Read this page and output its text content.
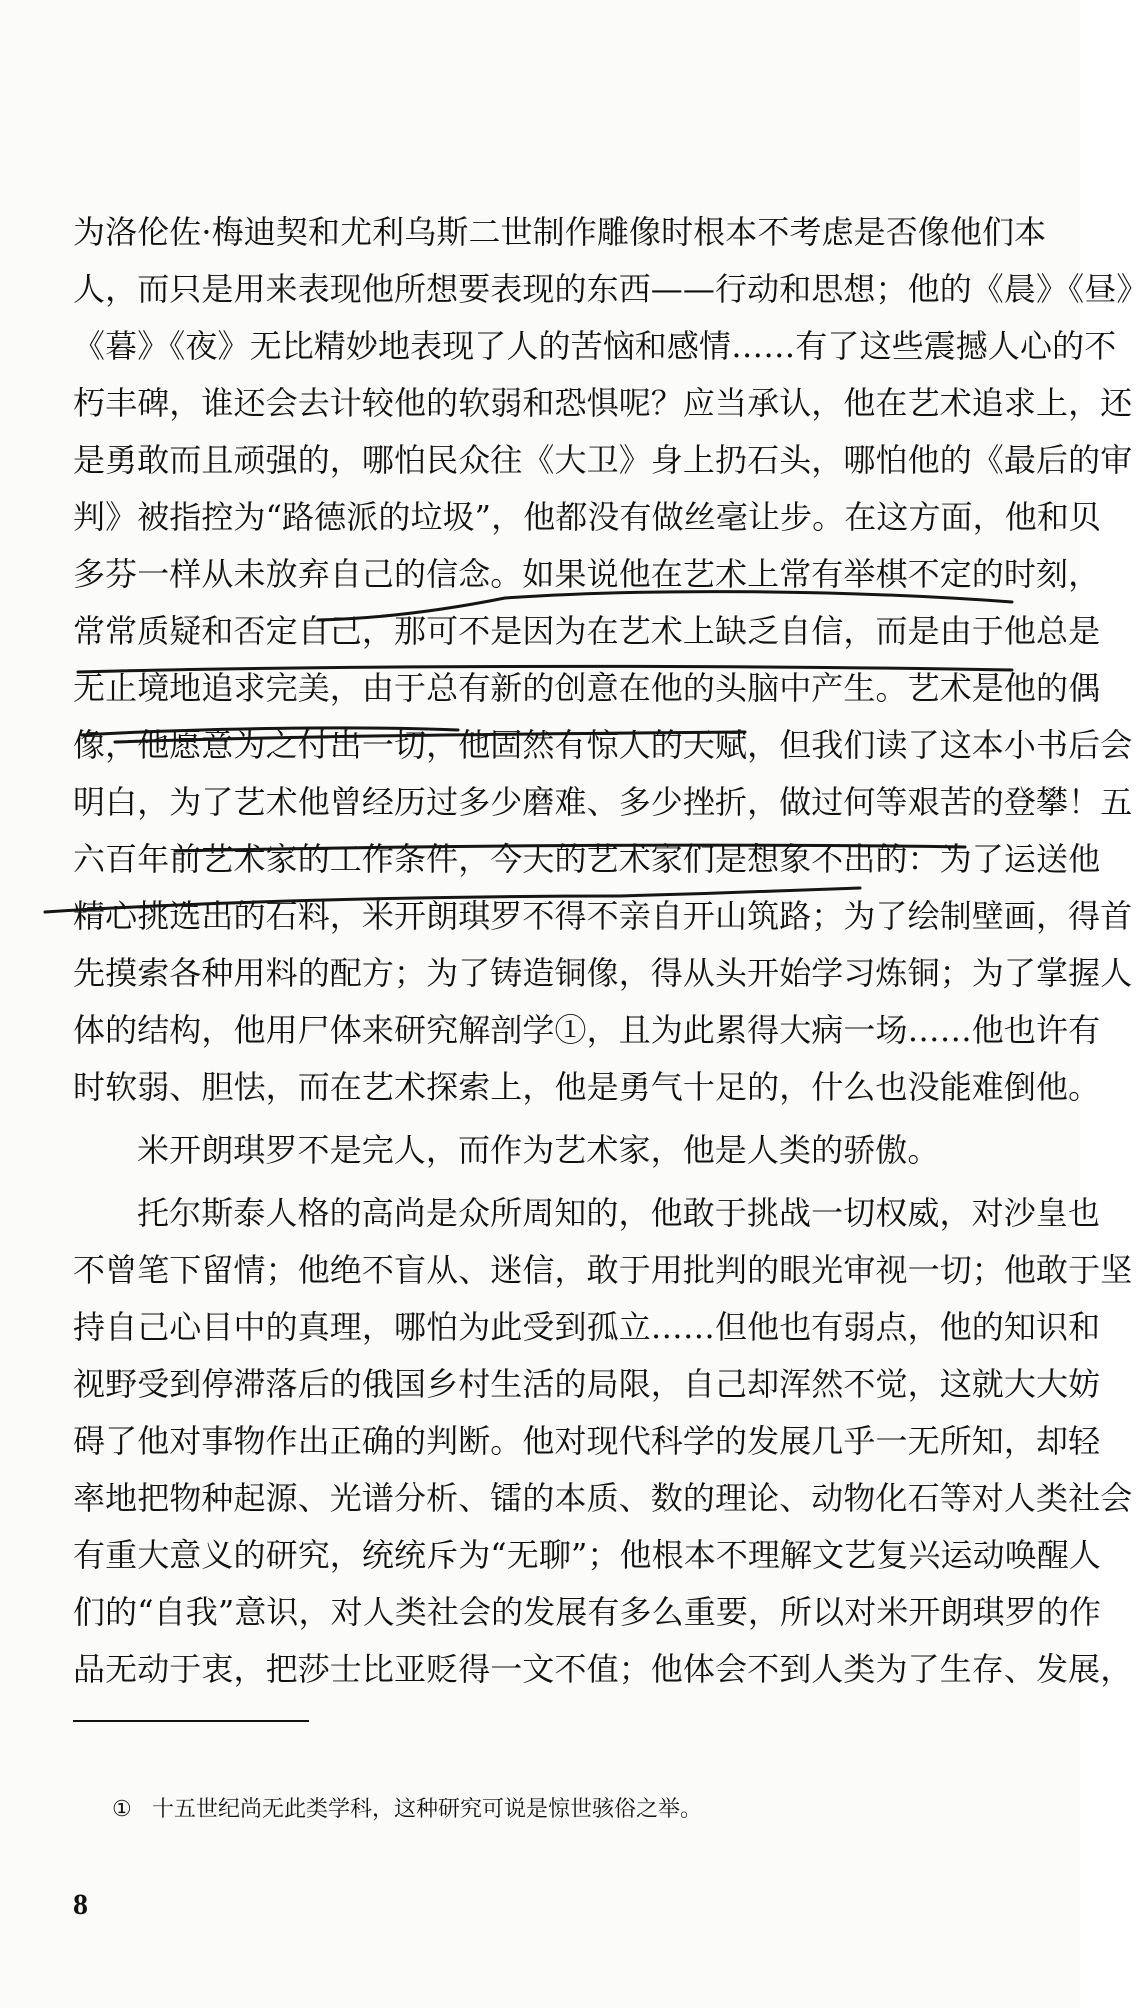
为洛伦佐·梅迪契和尤利乌斯二世制作雕像时根本不考虑是否像他们本
人，而只是用来表现他所想要表现的东西——行动和思想；他的《晨》《昼》
《暮》《夜》无比精妙地表现了人的苦恼和感情……有了这些震撼人心的不
朽丰碑，谁还会去计较他的软弱和恐惧呢？应当承认，他在艺术追求上，还
是勇敢而且顽强的，哪怕民众往《大卫》身上扔石头，哪怕他的《最后的审
判》被指控为“路德派的垃圾”，他都没有做丝毫让步。在这方面，他和贝
多芬一样从未放弃自己的信念。如果说他在艺术上常有举棋不定的时刻，
常常质疑和否定自己，那可不是因为在艺术上缺乏自信，而是由于他总是
无止境地追求完美，由于总有新的创意在他的头脑中产生。艺术是他的偶
像，他愿意为之付出一切，他固然有惊人的天赋，但我们读了这本小书后会
明白，为了艺术他曾经历过多少磨难、多少挫折，做过何等艰苦的登攀！五
六百年前艺术家的工作条件，今天的艺术家们是想象不出的：为了运送他
精心挑选出的石料，米开朗琪罗不得不亲自开山筑路；为了绘制壁画，得首
先摸索各种用料的配方；为了铸造铜像，得从头开始学习炼铜；为了掌握人
体的结构，他用尸体来研究解剖学①，且为此累得大病一场……他也许有
时软弱、胆怯，而在艺术探索上，他是勇气十足的，什么也没能难倒他。
米开朗琪罗不是完人，而作为艺术家，他是人类的骄傲。
托尔斯泰人格的高尚是众所周知的，他敢于挑战一切权威，对沙皇也
不曾笔下留情；他绝不盲从、迷信，敢于用批判的眼光审视一切；他敢于坚
持自己心目中的真理，哪怕为此受到孤立……但他也有弱点，他的知识和
视野受到停滞落后的俄国乡村生活的局限，自己却浑然不觉，这就大大妨
碍了他对事物作出正确的判断。他对现代科学的发展几乎一无所知，却轻
率地把物种起源、光谱分析、镭的本质、数的理论、动物化石等对人类社会
有重大意义的研究，统统斥为“无聊”；他根本不理解文艺复兴运动唤醒人
们的“自我”意识，对人类社会的发展有多么重要，所以对米开朗琪罗的作
品无动于衷，把莎士比亚贬得一文不值；他体会不到人类为了生存、发展，
① 十五世纪尚无此类学科，这种研究可说是惊世骇俗之举。
8
